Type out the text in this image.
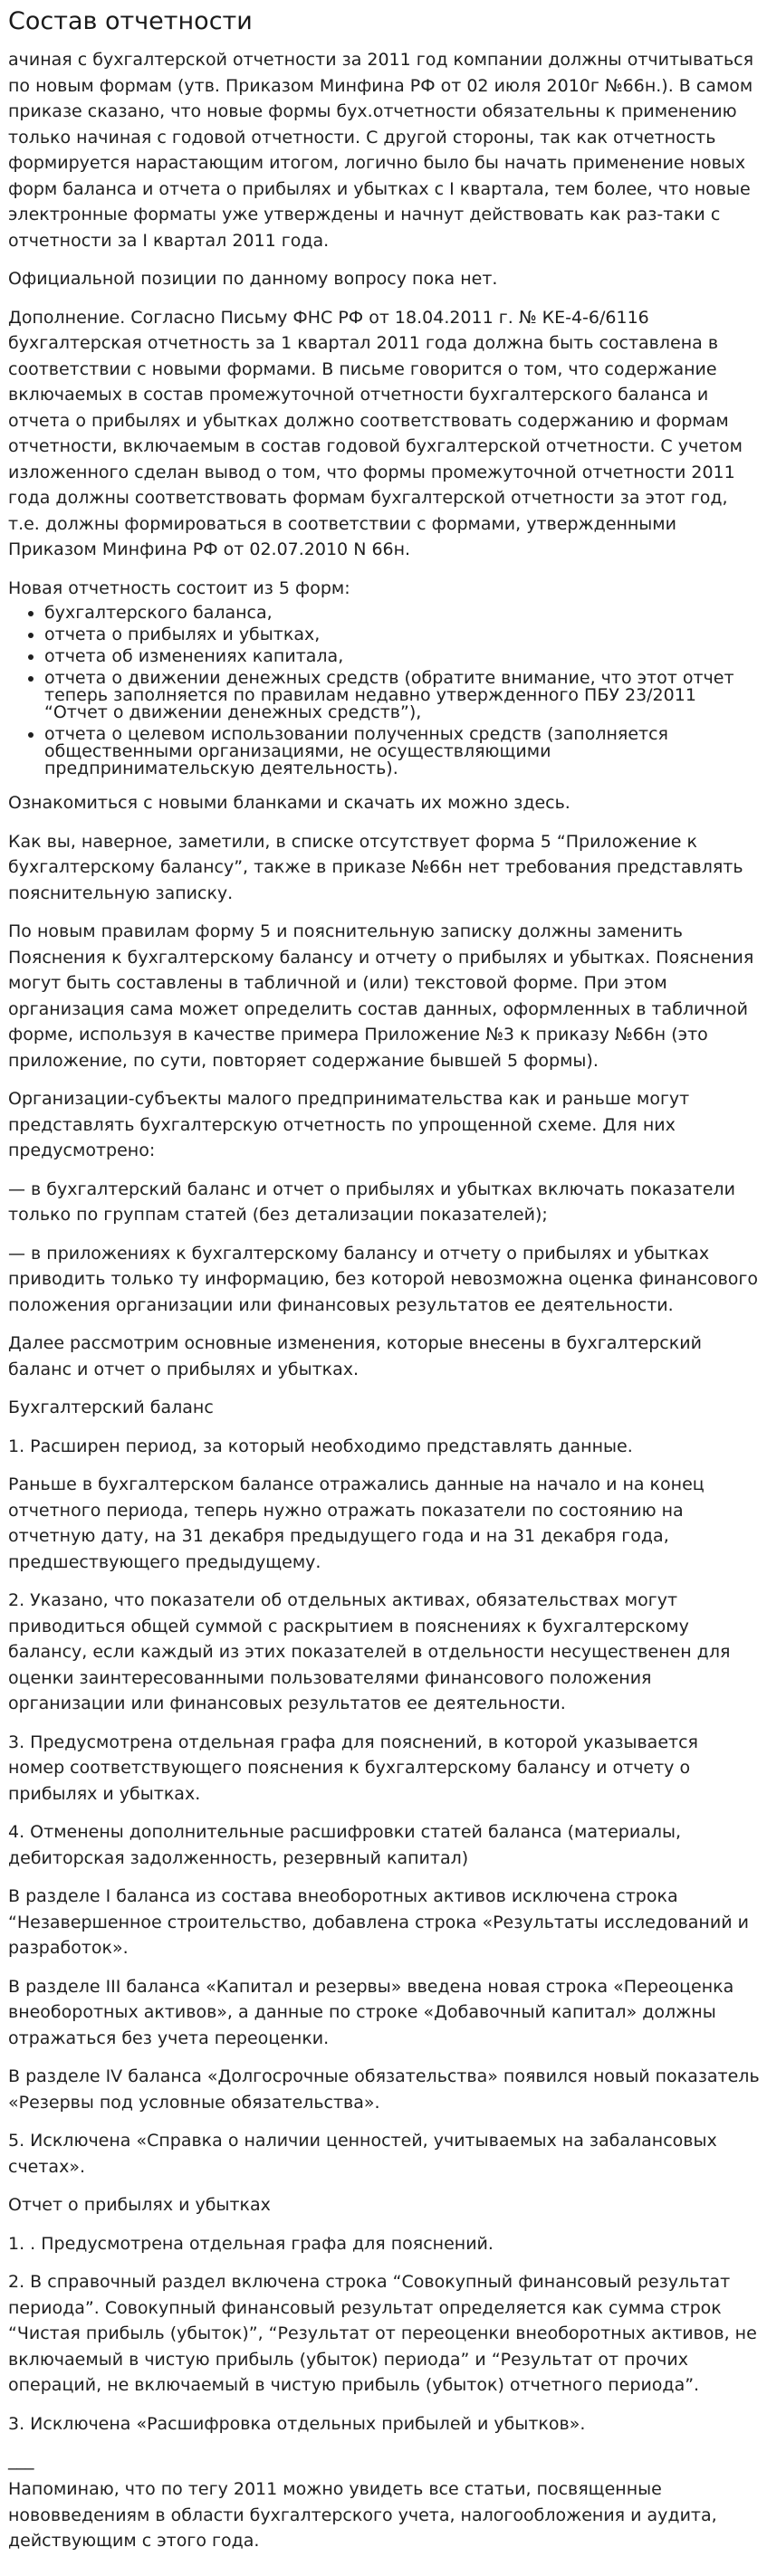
Состав отчетности

ачиная с бухгалтерской отчетности за 2011 год компании должны отчитываться по новым формам (утв. Приказом Минфина РФ от 02 июля 2010г №66н.). В самом приказе сказано, что новые формы бух.отчетности обязательны к применению только начиная с годовой отчетности. С другой стороны, так как отчетность формируется нарастающим итогом, логично было бы начать применение новых форм баланса и отчета о прибылях и убытках с I квартала, тем более, что новые электронные форматы уже утверждены и начнут действовать как раз-таки с отчетности за I квартал 2011 года.

Официальной позиции по данному вопросу пока нет.

Дополнение. Согласно Письму ФНС РФ от 18.04.2011 г. № КЕ-4-6/6116 бухгалтерская отчетность за 1 квартал 2011 года должна быть составлена в соответствии с новыми формами. В письме говорится о том, что содержание включаемых в состав промежуточной отчетности бухгалтерского баланса и отчета о прибылях и убытках должно соответствовать содержанию и формам отчетности, включаемым в состав годовой бухгалтерской отчетности. С учетом изложенного сделан вывод о том, что формы промежуточной отчетности 2011 года должны соответствовать формам бухгалтерской отчетности за этот год, т.е. должны формироваться в соответствии с формами, утвержденными Приказом Минфина РФ от 02.07.2010 N 66н.

Новая отчетность состоит из 5 форм:

• бухгалтерского баланса,
• отчета о прибылях и убытках,
• отчета об изменениях капитала,
• отчета о движении денежных средств (обратите внимание, что этот отчет теперь заполняется по правилам недавно утвержденного ПБУ 23/2011 “Отчет о движении денежных средств”),
• отчета о целевом использовании полученных средств (заполняется общественными организациями, не осуществляющими предпринимательскую деятельность).

Ознакомиться с новыми бланками и скачать их можно здесь.

Как вы, наверное, заметили, в списке отсутствует форма 5 “Приложение к бухгалтерскому балансу”, также в приказе №66н нет требования представлять пояснительную записку.

По новым правилам форму 5 и пояснительную записку должны заменить Пояснения к бухгалтерскому балансу и отчету о прибылях и убытках. Пояснения могут быть составлены в табличной и (или) текстовой форме. При этом организация сама может определить состав данных, оформленных в табличной форме, используя в качестве примера Приложение №3 к приказу №66н (это приложение, по сути, повторяет содержание бывшей 5 формы).

Организации-субъекты малого предпринимательства как и раньше могут представлять бухгалтерскую отчетность по упрощенной схеме. Для них предусмотрено:

— в бухгалтерский баланс и отчет о прибылях и убытках включать показатели только по группам статей (без детализации показателей);

— в приложениях к бухгалтерскому балансу и отчету о прибылях и убытках приводить только ту информацию, без которой невозможна оценка финансового положения организации или финансовых результатов ее деятельности.

Далее рассмотрим основные изменения, которые внесены в бухгалтерский баланс и отчет о прибылях и убытках.

Бухгалтерский баланс

1. Расширен период, за который необходимо представлять данные.

Раньше в бухгалтерском балансе отражались данные на начало и на конец отчетного периода, теперь нужно отражать показатели по состоянию на отчетную дату, на 31 декабря предыдущего года и на 31 декабря года, предшествующего предыдущему.

2. Указано, что показатели об отдельных активах, обязательствах могут приводиться общей суммой с раскрытием в пояснениях к бухгалтерскому балансу, если каждый из этих показателей в отдельности несущественен для оценки заинтересованными пользователями финансового положения организации или финансовых результатов ее деятельности.

3. Предусмотрена отдельная графа для пояснений, в которой указывается номер соответствующего пояснения к бухгалтерскому балансу и отчету о прибылях и убытках.

4. Отменены дополнительные расшифровки статей баланса (материалы, дебиторская задолженность, резервный капитал)

В разделе I баланса из состава внеоборотных активов исключена строка “Незавершенное строительство, добавлена строка «Результаты исследований и разработок».

В разделе III баланса «Капитал и резервы» введена новая строка «Переоценка внеоборотных активов», а данные по строке «Добавочный капитал» должны отражаться без учета переоценки.

В разделе IV баланса «Долгосрочные обязательства» появился новый показатель «Резервы под условные обязательства».

5. Исключена «Справка о наличии ценностей, учитываемых на забалансовых счетах».

Отчет о прибылях и убытках

1. . Предусмотрена отдельная графа для пояснений.

2. В справочный раздел включена строка “Совокупный финансовый результат периода”. Совокупный финансовый результат определяется как сумма строк “Чистая прибыль (убыток)”, “Результат от переоценки внеоборотных активов, не включаемый в чистую прибыль (убыток) периода” и “Результат от прочих операций, не включаемый в чистую прибыль (убыток) отчетного периода”.

3. Исключена «Расшифровка отдельных прибылей и убытков».

___

Напоминаю, что по тегу 2011 можно увидеть все статьи, посвященные нововведениям в области бухгалтерского учета, налогообложения и аудита, действующим с этого года.
